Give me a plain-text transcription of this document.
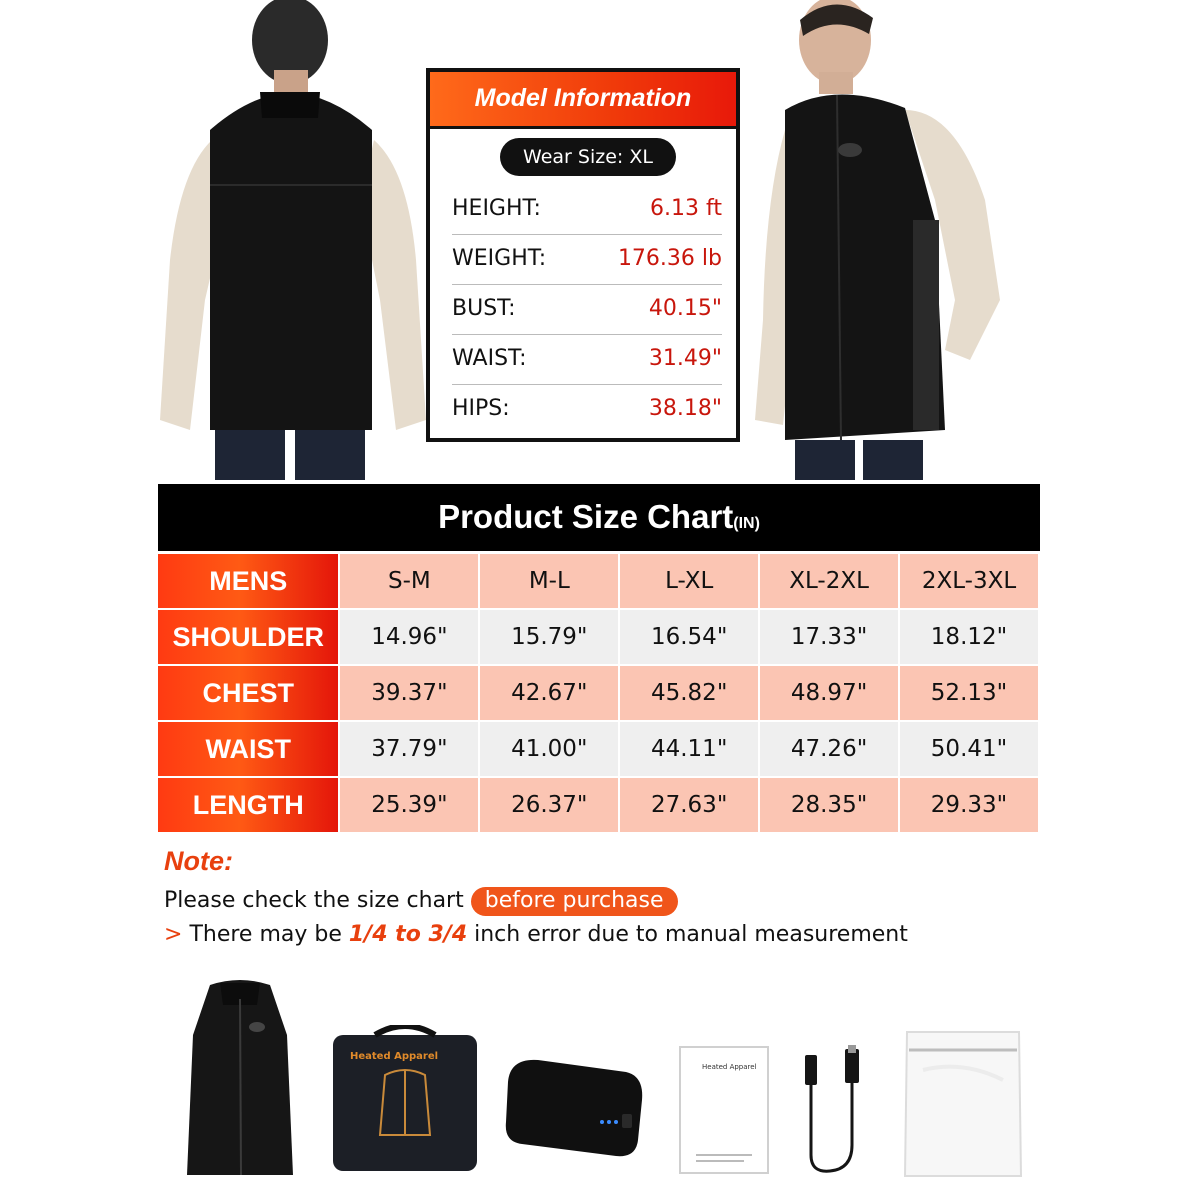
Model Information
Wear Size: XL
HEIGHT:	6.13 ft
WEIGHT:	176.36 lb
BUST:	40.15"
WAIST:	31.49"
HIPS:	38.18"
Product Size Chart(IN)
MENS	S-M	M-L	L-XL	XL-2XL	2XL-3XL
SHOULDER	14.96"	15.79"	16.54"	17.33"	18.12"
CHEST	39.37"	42.67"	45.82"	48.97"	52.13"
WAIST	37.79"	41.00"	44.11"	47.26"	50.41"
LENGTH	25.39"	26.37"	27.63"	28.35"	29.33"
Note:
Please check the size chart before purchase
> There may be 1/4 to 3/4 inch error due to manual measurement
Heated Apparel
Heated Apparel
